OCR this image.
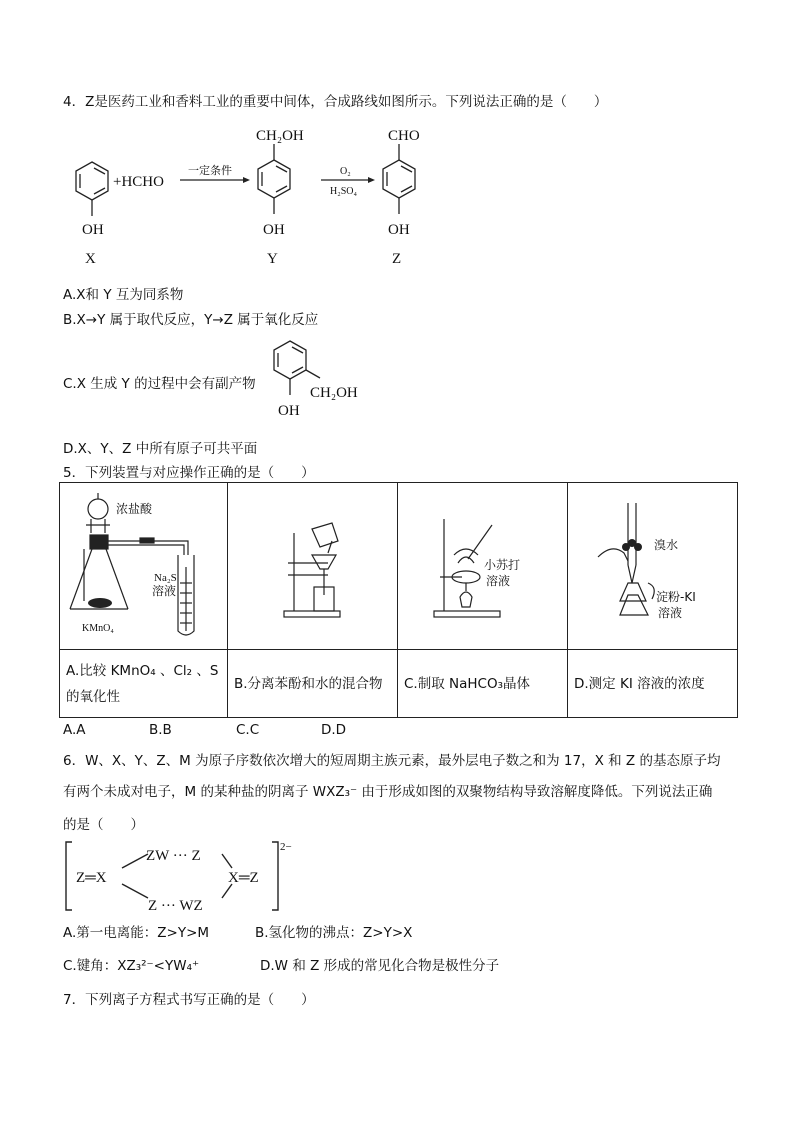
4．Z是医药工业和香料工业的重要中间体，合成路线如图所示。下列说法正确的是（　　）
OH
X
+HCHO
一定条件
CH₂OH
OH
Y
O₂
H₂SO₄
CHO
OH
Z
A.X和 Y 互为同系物
B.X→Y 属于取代反应，Y→Z 属于氧化反应
C.X 生成 Y 的过程中会有副产物
OH
CH₂OH
D.X、Y、Z 中所有原子可共平面
5．下列装置与对应操作正确的是（　　）
浓盐酸
Na₂S
溶液
KMnO₄		小苏打
溶液	溴水
淀粉-KI
溶液

A.比较 KMnO₄ 、Cl₂ 、S 的氧化性	B.分离苯酚和水的混合物	C.制取 NaHCO₃晶体	D.测定 KI 溶液的浓度
A.A	B.B	C.C	D.D
6．W、X、Y、Z、M 为原子序数依次增大的短周期主族元素，最外层电子数之和为 17，X 和 Z 的基态原子均
有两个未成对电子，M 的某种盐的阴离子 WXZ₃⁻ 由于形成如图的双聚物结构导致溶解度降低。下列说法正确
的是（　　）
Z═X
ZW ··· Z
Z ··· WZ
X═Z
2−
A.第一电离能：Z>Y>M	B.氢化物的沸点：Z>Y>X
C.键角：XZ₃²⁻<YW₄⁺	D.W 和 Z 形成的常见化合物是极性分子
7．下列离子方程式书写正确的是（　　）
